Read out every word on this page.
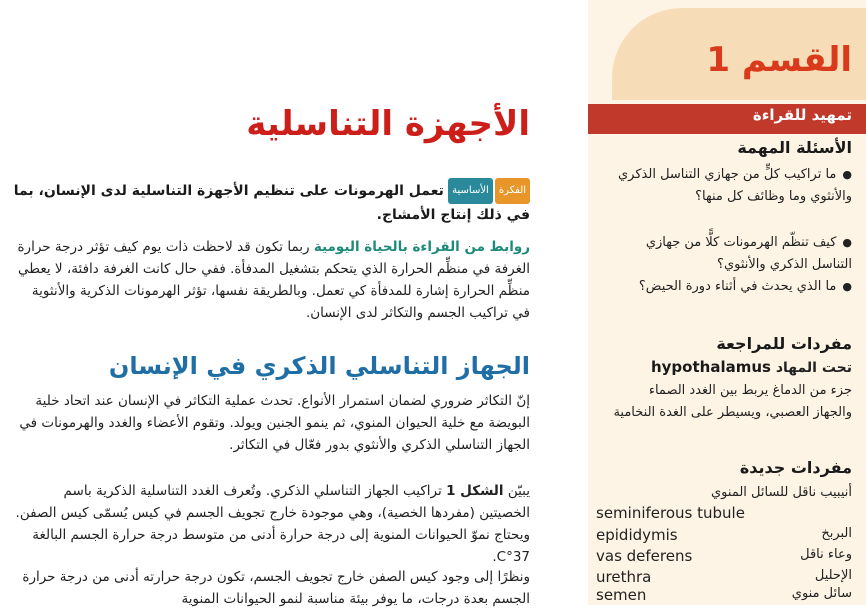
القسم 1
تمهيد للقراءة
الأسئلة المهمة
●ما تراكيب كلٍّ من جهازي التناسل الذكري والأنثوي وما وظائف كل منها؟
●كيف تنظّم الهرمونات كلًّا من جهازي التناسل الذكري والأنثوي؟
●ما الذي يحدث في أثناء دورة الحيض؟
مفردات للمراجعة
تحت المهاد hypothalamus
جزء من الدماغ يربط بين الغدد الصماء والجهاز العصبي، ويسيطر على الغدة النخامية
مفردات جديدة
أنيبيب ناقل للسائل المنوي
seminiferous tubule
epididymis	البربخ
vas deferens	وعاء ناقل
urethra	الإحليل
semen	سائل منوي
الأجهزة التناسلية
الفكرةالأساسية تعمل الهرمونات على تنظيم الأجهزة التناسلية لدى الإنسان، بما في ذلك إنتاج الأمشاج.
روابط من القراءة بالحياة اليومية ربما تكون قد لاحظت ذات يوم كيف تؤثر درجة حرارة الغرفة في منظِّم الحرارة الذي يتحكم بتشغيل المدفأة. ففي حال كانت الغرفة دافئة، لا يعطي منظِّم الحرارة إشارة للمدفأة كي تعمل. وبالطريقة نفسها، تؤثر الهرمونات الذكرية والأنثوية في تراكيب الجسم والتكاثر لدى الإنسان.
الجهاز التناسلي الذكري في الإنسان
إنّ التكاثر ضروري لضمان استمرار الأنواع. تحدث عملية التكاثر في الإنسان عند اتحاد خلية البويضة مع خلية الحيوان المنوي، ثم ينمو الجنين ويولد. وتقوم الأعضاء والغدد والهرمونات في الجهاز التناسلي الذكري والأنثوي بدور فعّال في التكاثر.
يبيّن الشكل 1 تراكيب الجهاز التناسلي الذكري. وتُعرف الغدد التناسلية الذكرية باسم الخصيتين (مفردها الخصية)، وهي موجودة خارج تجويف الجسم في كيس يُسمّى كيس الصفن. ويحتاج نموّ الحيوانات المنوية إلى درجة حرارة أدنى من متوسط درجة حرارة الجسم البالغة 37°C.
ونظرًا إلى وجود كيس الصفن خارج تجويف الجسم، تكون درجة حرارته أدنى من درجة حرارة الجسم بعدة درجات، ما يوفر بيئة مناسبة لنمو الحيوانات المنوية
